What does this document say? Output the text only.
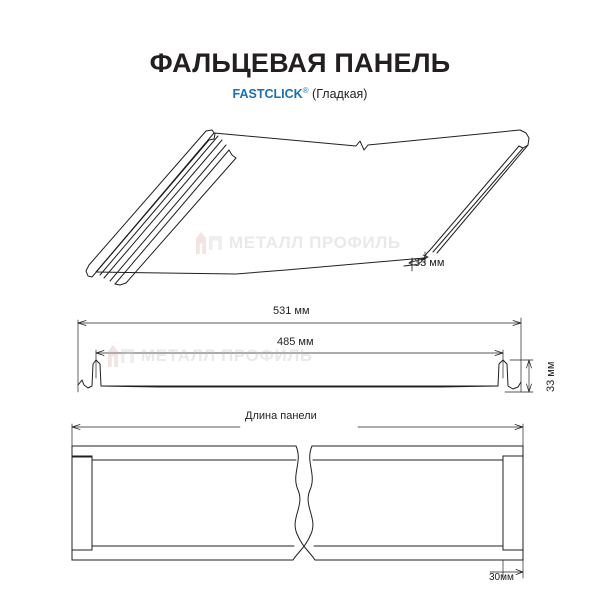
ФАЛЬЦЕВАЯ ПАНЕЛЬ
FASTCLICK® (Гладкая)
33 мм
531 мм
485 мм
33 мм
Длина панели
30мм
МЕТАЛЛ ПРОФИЛЬ
МЕТАЛЛ ПРОФИЛЬ
